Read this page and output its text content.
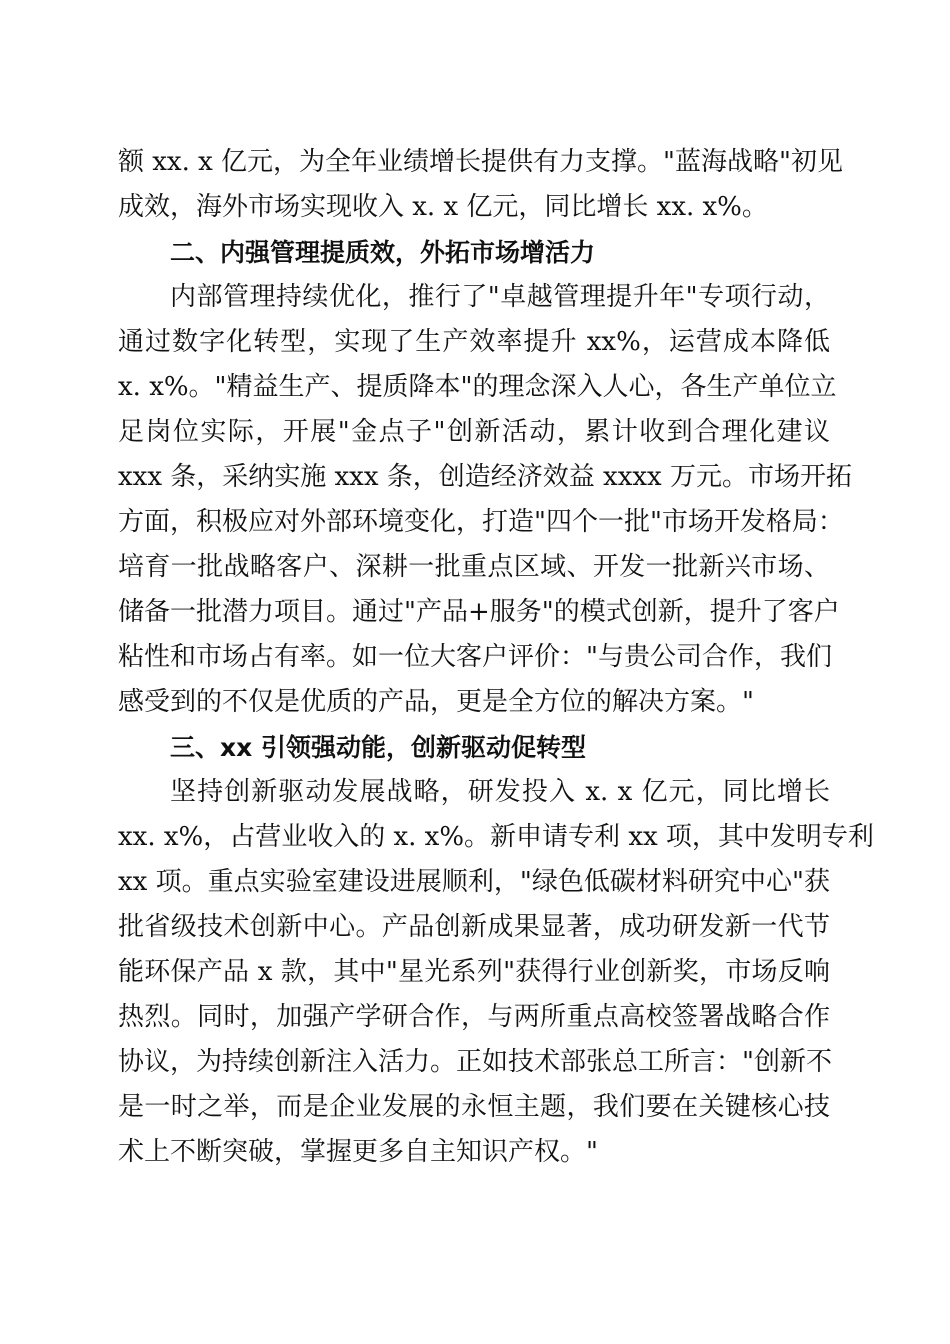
额 xx. x 亿元，为全年业绩增长提供有力支撑。"蓝海战略"初见
成效，海外市场实现收入 x. x 亿元，同比增长 xx. x%。
二、内强管理提质效，外拓市场增活力
内部管理持续优化，推行了"卓越管理提升年"专项行动，
通过数字化转型，实现了生产效率提升 xx%，运营成本降低
x. x%。"精益生产、提质降本"的理念深入人心，各生产单位立
足岗位实际，开展"金点子"创新活动，累计收到合理化建议
xxx 条，采纳实施 xxx 条，创造经济效益 xxxx 万元。市场开拓
方面，积极应对外部环境变化，打造"四个一批"市场开发格局：
培育一批战略客户、深耕一批重点区域、开发一批新兴市场、
储备一批潜力项目。通过"产品+服务"的模式创新，提升了客户
粘性和市场占有率。如一位大客户评价："与贵公司合作，我们
感受到的不仅是优质的产品，更是全方位的解决方案。"
三、xx 引领强动能，创新驱动促转型
坚持创新驱动发展战略，研发投入 x. x 亿元，同比增长
xx. x%，占营业收入的 x. x%。新申请专利 xx 项，其中发明专利
xx 项。重点实验室建设进展顺利，"绿色低碳材料研究中心"获
批省级技术创新中心。产品创新成果显著，成功研发新一代节
能环保产品 x 款，其中"星光系列"获得行业创新奖，市场反响
热烈。同时，加强产学研合作，与两所重点高校签署战略合作
协议，为持续创新注入活力。正如技术部张总工所言："创新不
是一时之举，而是企业发展的永恒主题，我们要在关键核心技
术上不断突破，掌握更多自主知识产权。"
